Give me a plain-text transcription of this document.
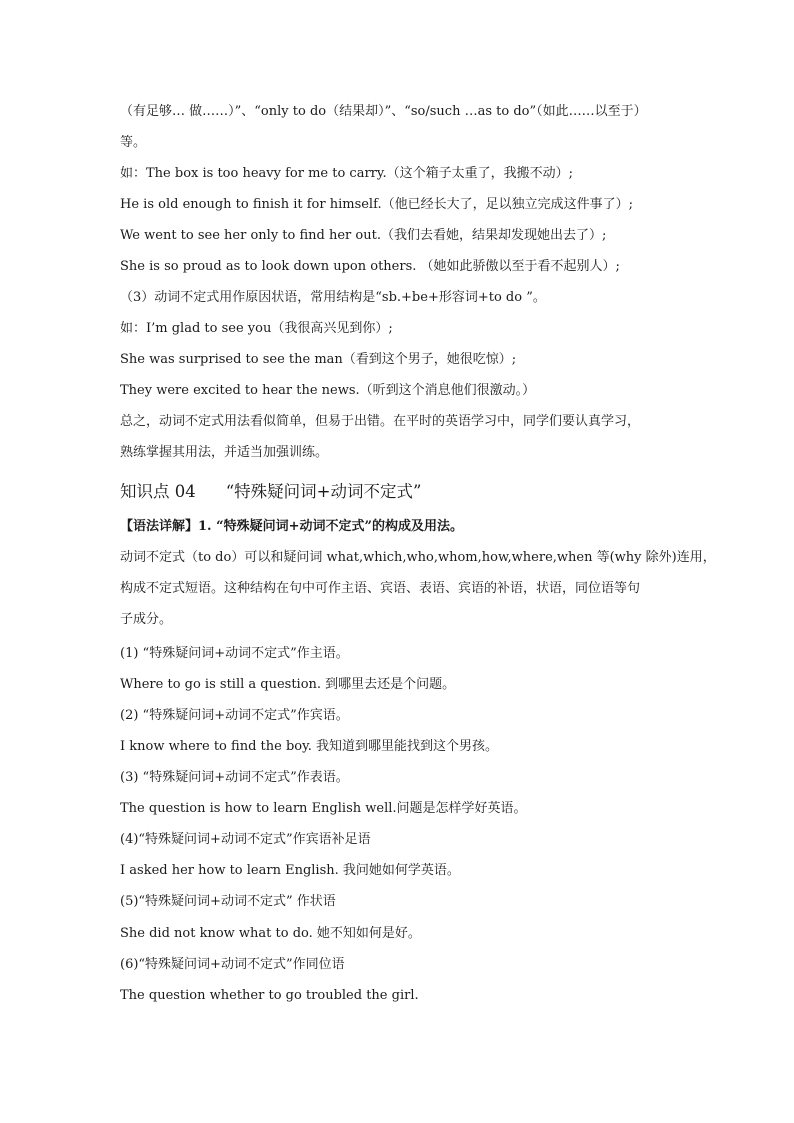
（有足够… 做……）”、“only to do（结果却）”、“so/such …as to do”（如此……以至于）
等。
如：The box is too heavy for me to carry.（这个箱子太重了，我搬不动）;
He is old enough to finish it for himself.（他已经长大了，足以独立完成这件事了）;
We went to see her only to find her out.（我们去看她，结果却发现她出去了）;
She is so proud as to look down upon others. （她如此骄傲以至于看不起别人）;
（3）动词不定式用作原因状语，常用结构是“sb.+be+形容词+to do ”。
如：I’m glad to see you（我很高兴见到你）;
She was surprised to see the man（看到这个男子，她很吃惊）;
They were excited to hear the news.（听到这个消息他们很激动。）
总之，动词不定式用法看似简单，但易于出错。在平时的英语学习中，同学们要认真学习，
熟练掌握其用法，并适当加强训练。
知识点 04 “特殊疑问词+动词不定式”
【语法详解】1. “特殊疑问词+动词不定式”的构成及用法。
动词不定式（to do）可以和疑问词 what,which,who,whom,how,where,when 等(why 除外)连用，
构成不定式短语。这种结构在句中可作主语、宾语、表语、宾语的补语，状语，同位语等句
子成分。
(1) “特殊疑问词+动词不定式”作主语。
Where to go is still a question. 到哪里去还是个问题。
(2) “特殊疑问词+动词不定式”作宾语。
I know where to find the boy. 我知道到哪里能找到这个男孩。
(3) “特殊疑问词+动词不定式”作表语。
The question is how to learn English well.问题是怎样学好英语。
(4)“特殊疑问词+动词不定式”作宾语补足语
I asked her how to learn English. 我问她如何学英语。
(5)“特殊疑问词+动词不定式” 作状语
She did not know what to do. 她不知如何是好。
(6)“特殊疑问词+动词不定式”作同位语
The question whether to go troubled the girl.
